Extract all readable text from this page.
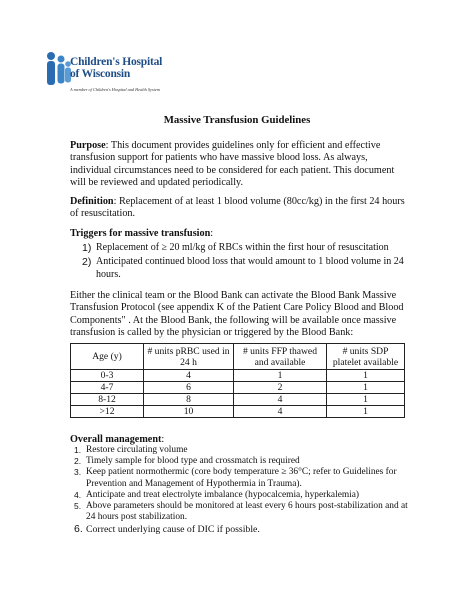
Children's Hospital
of Wisconsin
A member of Children's Hospital and Health System
Massive Transfusion Guidelines
Purpose: This document provides guidelines only for efficient and effective transfusion support for patients who have massive blood loss. As always, individual circumstances need to be considered for each patient. This document will be reviewed and updated periodically.
Definition: Replacement of at least 1 blood volume (80cc/kg) in the first 24 hours of resuscitation.
Triggers for massive transfusion:
1) Replacement of ≥ 20 ml/kg of RBCs within the first hour of resuscitation
2) Anticipated continued blood loss that would amount to 1 blood volume in 24 hours.
Either the clinical team or the Blood Bank can activate the Blood Bank Massive Transfusion Protocol (see appendix K of the Patient Care Policy Blood and Blood Components" . At the Blood Bank, the following will be available once massive transfusion is called by the physician or triggered by the Blood Bank:
Age (y)	# units pRBC used in 24 h	# units FFP thawed and available	# units SDP platelet available
0-3	4	1	1
4-7	6	2	1
8-12	8	4	1
>12	10	4	1
Overall management:
1. Restore circulating volume
2. Timely sample for blood type and crossmatch is required
3. Keep patient normothermic (core body temperature ≥ 36°C; refer to Guidelines for Prevention and Management of Hypothermia in Trauma).
4. Anticipate and treat electrolyte imbalance (hypocalcemia, hyperkalemia)
5. Above parameters should be monitored at least every 6 hours post-stabilization and at 24 hours post stabilization.
6. Correct underlying cause of DIC if possible.
